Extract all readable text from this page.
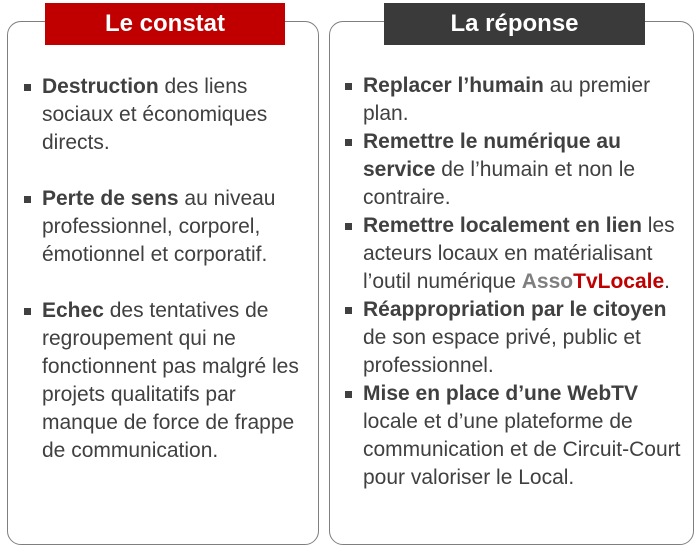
Le constat	La réponse
Destruction des liens sociaux et économiques directs.
Perte de sens au niveau professionnel, corporel, émotionnel et corporatif.
Echec des tentatives de regroupement qui ne fonctionnent pas malgré les projets qualitatifs par manque de force de frappe de communication.
Replacer l’humain au premier plan.
Remettre le numérique au service de l’humain et non le contraire.
Remettre localement en lien les acteurs locaux en matérialisant l’outil numérique AssoTvLocale.
Réappropriation par le citoyen de son espace privé, public et professionnel.
Mise en place d’une WebTV locale et d’une plateforme de communication et de Circuit-Court pour valoriser le Local.
